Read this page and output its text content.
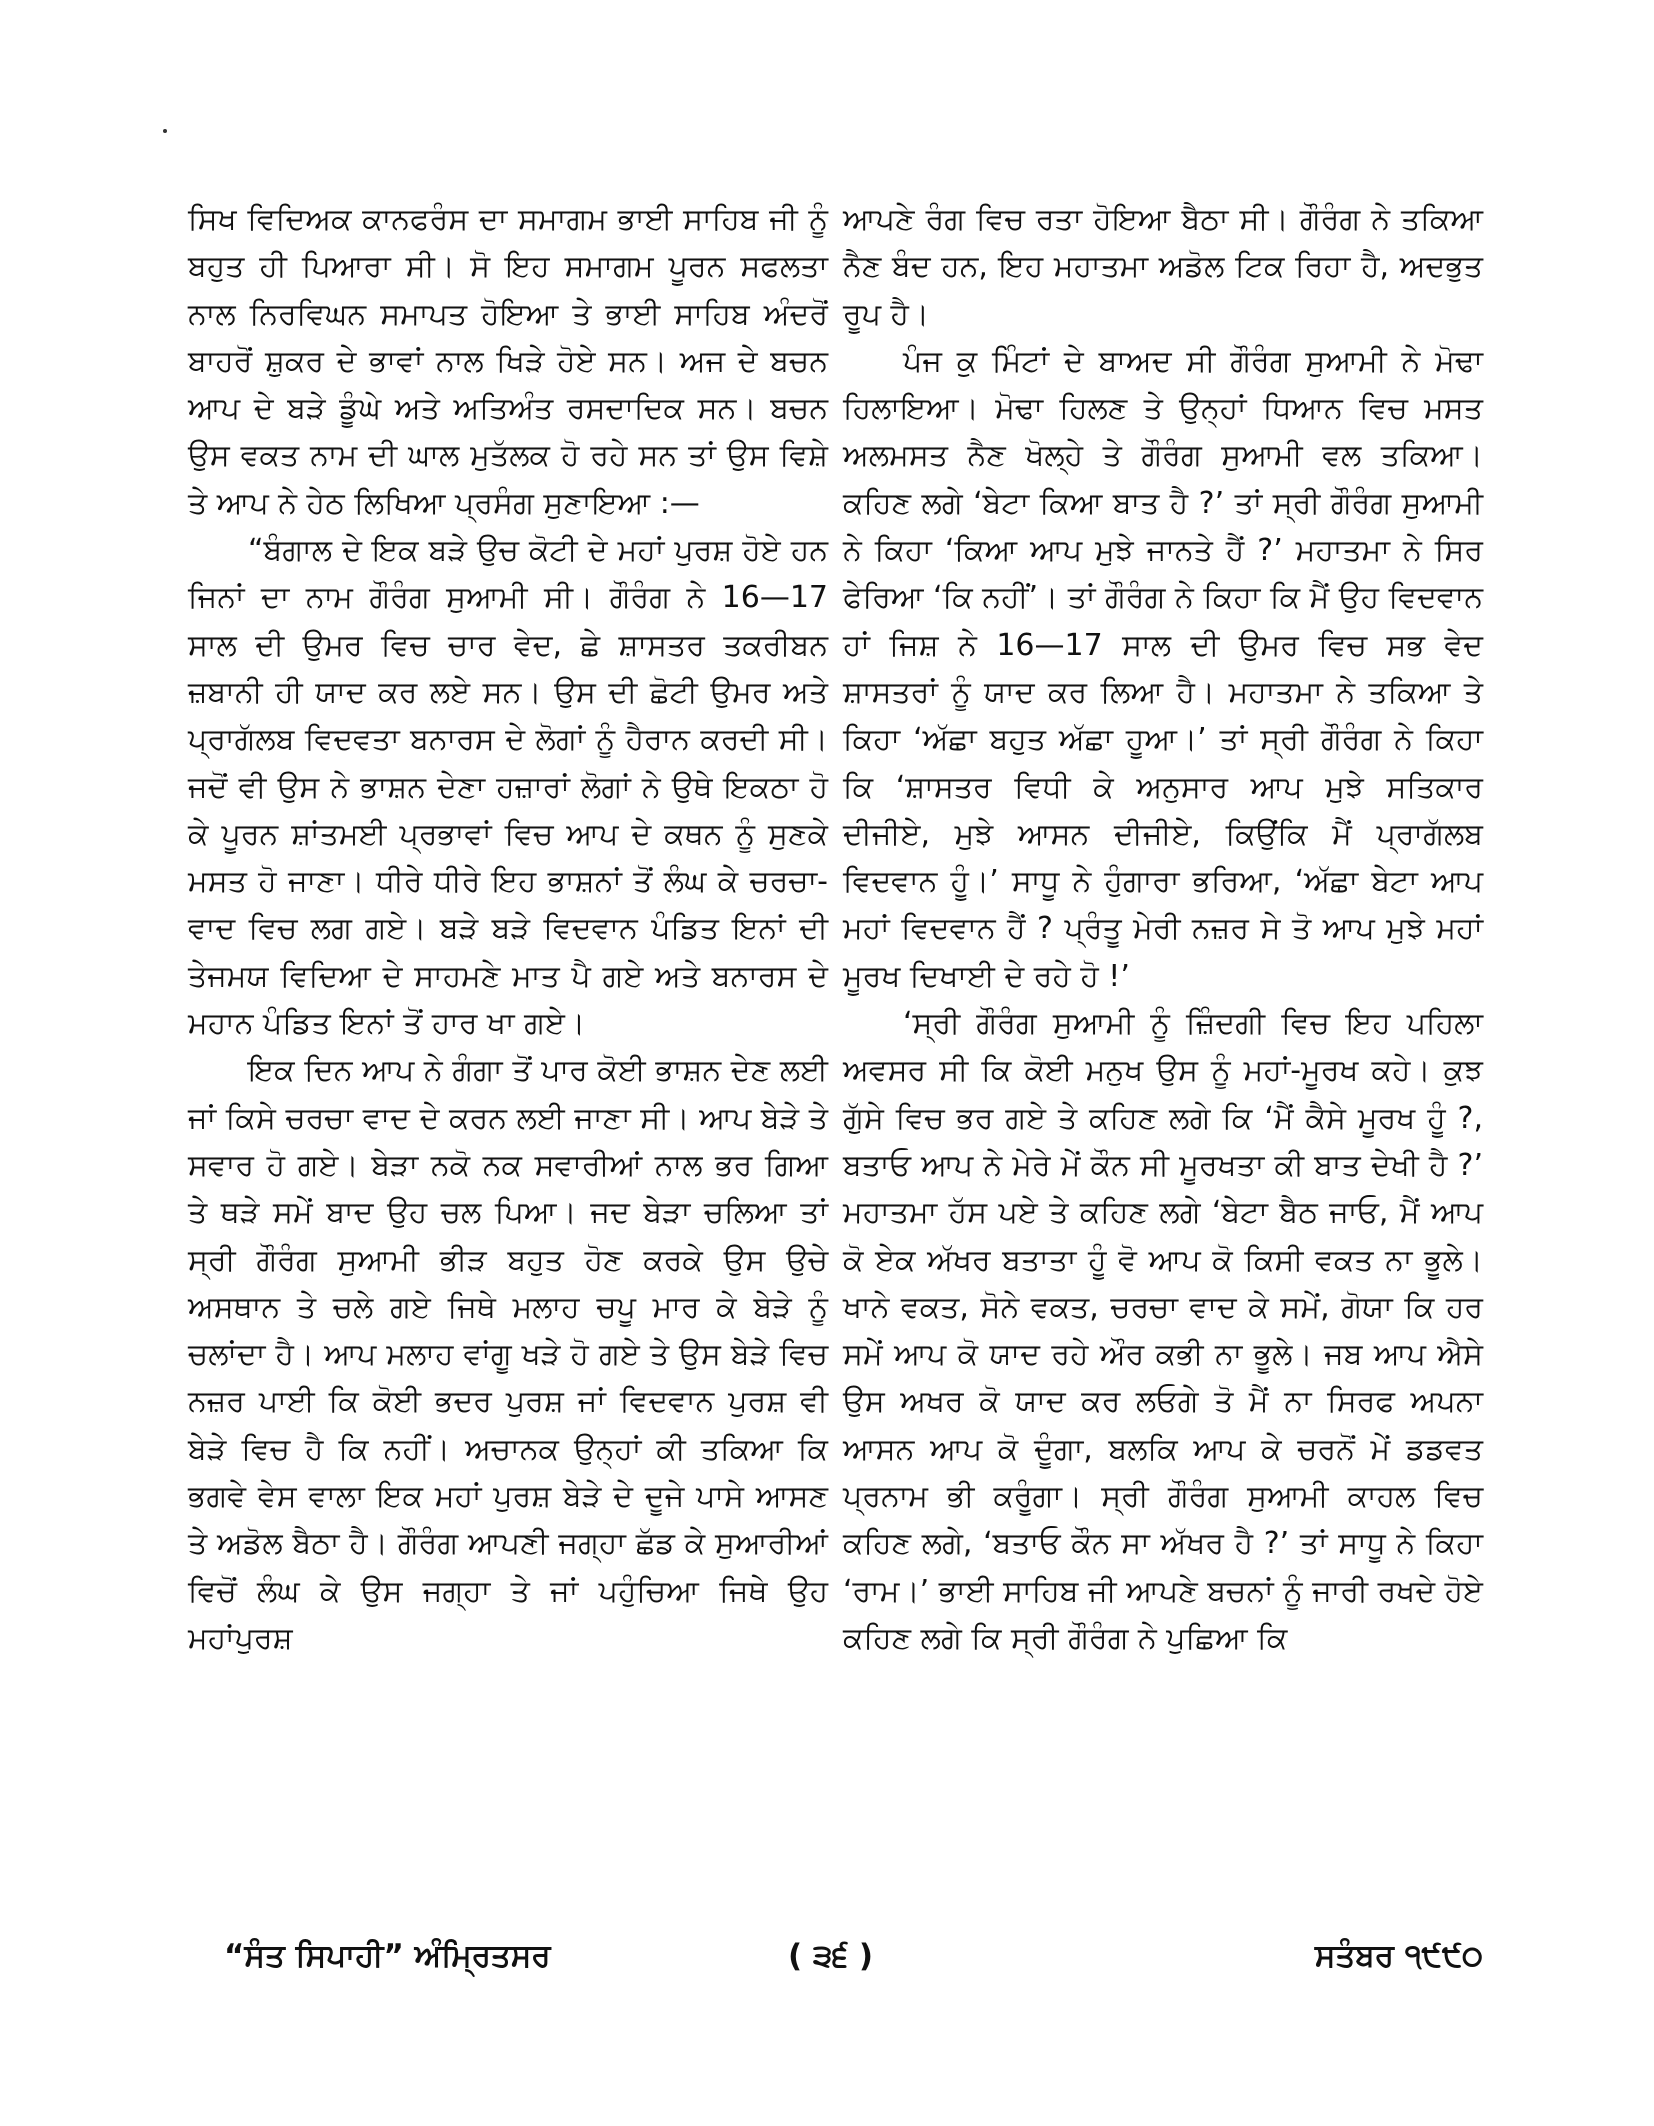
ਸਿਖ ਵਿਦਿਅਕ ਕਾਨਫਰੰਸ ਦਾ ਸਮਾਗਮ ਭਾਈ ਸਾਹਿਬ ਜੀ ਨੂੰ ਬਹੁਤ ਹੀ ਪਿਆਰਾ ਸੀ। ਸੋ ਇਹ ਸਮਾਗਮ ਪੂਰਨ ਸਫਲਤਾ ਨਾਲ ਨਿਰਵਿਘਨ ਸਮਾਪਤ ਹੋਇਆ ਤੇ ਭਾਈ ਸਾਹਿਬ ਅੰਦਰੋਂ ਬਾਹਰੋਂ ਸ਼ੁਕਰ ਦੇ ਭਾਵਾਂ ਨਾਲ ਖਿੜੇ ਹੋਏ ਸਨ। ਅਜ ਦੇ ਬਚਨ ਆਪ ਦੇ ਬੜੇ ਡੂੰਘੇ ਅਤੇ ਅਤਿਅੰਤ ਰਸਦਾਦਿਕ ਸਨ। ਬਚਨ ਉਸ ਵਕਤ ਨਾਮ ਦੀ ਘਾਲ ਮੁਤੱਲਕ ਹੋ ਰਹੇ ਸਨ ਤਾਂ ਉਸ ਵਿਸ਼ੇ ਤੇ ਆਪ ਨੇ ਹੇਠ ਲਿਖਿਆ ਪ੍ਰਸੰਗ ਸੁਣਾਇਆ :—

“ਬੰਗਾਲ ਦੇ ਇਕ ਬੜੇ ਉਚ ਕੋਟੀ ਦੇ ਮਹਾਂ ਪੁਰਸ਼ ਹੋਏ ਹਨ ਜਿਨਾਂ ਦਾ ਨਾਮ ਗੌਰੰਗ ਸੁਆਮੀ ਸੀ। ਗੌਰੰਗ ਨੇ 16—17 ਸਾਲ ਦੀ ਉਮਰ ਵਿਚ ਚਾਰ ਵੇਦ, ਛੇ ਸ਼ਾਸਤਰ ਤਕਰੀਬਨ ਜ਼ਬਾਨੀ ਹੀ ਯਾਦ ਕਰ ਲਏ ਸਨ। ਉਸ ਦੀ ਛੋਟੀ ਉਮਰ ਅਤੇ ਪ੍ਰਾਗੱਲਬ ਵਿਦਵਤਾ ਬਨਾਰਸ ਦੇ ਲੋਗਾਂ ਨੂੰ ਹੈਰਾਨ ਕਰਦੀ ਸੀ। ਜਦੋਂ ਵੀ ਉਸ ਨੇ ਭਾਸ਼ਨ ਦੇਣਾ ਹਜ਼ਾਰਾਂ ਲੋਗਾਂ ਨੇ ਉਥੇ ਇਕਠਾ ਹੋ ਕੇ ਪੂਰਨ ਸ਼ਾਂਤਮਈ ਪ੍ਰਭਾਵਾਂ ਵਿਚ ਆਪ ਦੇ ਕਥਨ ਨੂੰ ਸੁਣਕੇ ਮਸਤ ਹੋ ਜਾਣਾ। ਧੀਰੇ ਧੀਰੇ ਇਹ ਭਾਸ਼ਨਾਂ ਤੋਂ ਲੰਘ ਕੇ ਚਰਚਾ-ਵਾਦ ਵਿਚ ਲਗ ਗਏ। ਬੜੇ ਬੜੇ ਵਿਦਵਾਨ ਪੰਡਿਤ ਇਨਾਂ ਦੀ ਤੇਜਮਯ ਵਿਦਿਆ ਦੇ ਸਾਹਮਣੇ ਮਾਤ ਪੈ ਗਏ ਅਤੇ ਬਨਾਰਸ ਦੇ ਮਹਾਨ ਪੰਡਿਤ ਇਨਾਂ ਤੋਂ ਹਾਰ ਖਾ ਗਏ।

ਇਕ ਦਿਨ ਆਪ ਨੇ ਗੰਗਾ ਤੋਂ ਪਾਰ ਕੋਈ ਭਾਸ਼ਨ ਦੇਣ ਲਈ ਜਾਂ ਕਿਸੇ ਚਰਚਾ ਵਾਦ ਦੇ ਕਰਨ ਲਈ ਜਾਣਾ ਸੀ। ਆਪ ਬੇੜੇ ਤੇ ਸਵਾਰ ਹੋ ਗਏ। ਬੇੜਾ ਨਕੋ ਨਕ ਸਵਾਰੀਆਂ ਨਾਲ ਭਰ ਗਿਆ ਤੇ ਥੜੇ ਸਮੇਂ ਬਾਦ ਉਹ ਚਲ ਪਿਆ। ਜਦ ਬੇੜਾ ਚਲਿਆ ਤਾਂ ਸ੍ਰੀ ਗੌਰੰਗ ਸੁਆਮੀ ਭੀੜ ਬਹੁਤ ਹੋਣ ਕਰਕੇ ਉਸ ਉਚੇ ਅਸਥਾਨ ਤੇ ਚਲੇ ਗਏ ਜਿਥੇ ਮਲਾਹ ਚਪੂ ਮਾਰ ਕੇ ਬੇੜੇ ਨੂੰ ਚਲਾਂਦਾ ਹੈ। ਆਪ ਮਲਾਹ ਵਾਂਗੂ ਖੜੇ ਹੋ ਗਏ ਤੇ ਉਸ ਬੇੜੇ ਵਿਚ ਨਜ਼ਰ ਪਾਈ ਕਿ ਕੋਈ ਭਦਰ ਪੁਰਸ਼ ਜਾਂ ਵਿਦਵਾਨ ਪੁਰਸ਼ ਵੀ ਬੇੜੇ ਵਿਚ ਹੈ ਕਿ ਨਹੀਂ। ਅਚਾਨਕ ਉਨ੍ਹਾਂ ਕੀ ਤਕਿਆ ਕਿ ਭਗਵੇ ਵੇਸ ਵਾਲਾ ਇਕ ਮਹਾਂ ਪੁਰਸ਼ ਬੇੜੇ ਦੇ ਦੂਜੇ ਪਾਸੇ ਆਸਣ ਤੇ ਅਡੋਲ ਬੈਠਾ ਹੈ। ਗੌਰੰਗ ਆਪਣੀ ਜਗ੍ਹਾ ਛੱਡ ਕੇ ਸੁਆਰੀਆਂ ਵਿਚੋਂ ਲੰਘ ਕੇ ਉਸ ਜਗ੍ਹਾ ਤੇ ਜਾਂ ਪਹੁੰਚਿਆ ਜਿਥੇ ਉਹ ਮਹਾਂਪੁਰਸ਼

ਆਪਣੇ ਰੰਗ ਵਿਚ ਰਤਾ ਹੋਇਆ ਬੈਠਾ ਸੀ। ਗੌਰੰਗ ਨੇ ਤਕਿਆ ਨੈਣ ਬੰਦ ਹਨ, ਇਹ ਮਹਾਤਮਾ ਅਡੋਲ ਟਿਕ ਰਿਹਾ ਹੈ, ਅਦਭੁਤ ਰੂਪ ਹੈ।

ਪੰਜ ਕੁ ਮਿੰਟਾਂ ਦੇ ਬਾਅਦ ਸੀ ਗੌਰੰਗ ਸੁਆਮੀ ਨੇ ਮੋਢਾ ਹਿਲਾਇਆ। ਮੋਢਾ ਹਿਲਣ ਤੇ ਉਨ੍ਹਾਂ ਧਿਆਨ ਵਿਚ ਮਸਤ ਅਲਮਸਤ ਨੈਣ ਖੋਲ੍ਹੇ ਤੇ ਗੌਰੰਗ ਸੁਆਮੀ ਵਲ ਤਕਿਆ। ਕਹਿਣ ਲਗੇ ‘ਬੇਟਾ ਕਿਆ ਬਾਤ ਹੈ ?’ ਤਾਂ ਸ੍ਰੀ ਗੌਰੰਗ ਸੁਆਮੀ ਨੇ ਕਿਹਾ ‘ਕਿਆ ਆਪ ਮੁਝੇ ਜਾਨਤੇ ਹੈਂ ?’ ਮਹਾਤਮਾ ਨੇ ਸਿਰ ਫੇਰਿਆ ‘ਕਿ ਨਹੀਂ’। ਤਾਂ ਗੌਰੰਗ ਨੇ ਕਿਹਾ ਕਿ ਮੈਂ ਉਹ ਵਿਦਵਾਨ ਹਾਂ ਜਿਸ਼ ਨੇ 16—17 ਸਾਲ ਦੀ ਉਮਰ ਵਿਚ ਸਭ ਵੇਦ ਸ਼ਾਸਤਰਾਂ ਨੂੰ ਯਾਦ ਕਰ ਲਿਆ ਹੈ। ਮਹਾਤਮਾ ਨੇ ਤਕਿਆ ਤੇ ਕਿਹਾ ‘ਅੱਛਾ ਬਹੁਤ ਅੱਛਾ ਹੂਆ।’ ਤਾਂ ਸ੍ਰੀ ਗੌਰੰਗ ਨੇ ਕਿਹਾ ਕਿ ‘ਸ਼ਾਸਤਰ ਵਿਧੀ ਕੇ ਅਨੁਸਾਰ ਆਪ ਮੁਝੇ ਸਤਿਕਾਰ ਦੀਜੀਏ, ਮੁਝੇ ਆਸਨ ਦੀਜੀਏ, ਕਿਉਂਕਿ ਮੈਂ ਪ੍ਰਾਗੱਲਬ ਵਿਦਵਾਨ ਹੂੰ।’ ਸਾਧੂ ਨੇ ਹੁੰਗਾਰਾ ਭਰਿਆ, ‘ਅੱਛਾ ਬੇਟਾ ਆਪ ਮਹਾਂ ਵਿਦਵਾਨ ਹੈਂ ? ਪ੍ਰੰਤੂ ਮੇਰੀ ਨਜ਼ਰ ਸੇ ਤੋ ਆਪ ਮੁਝੇ ਮਹਾਂ ਮੂਰਖ ਦਿਖਾਈ ਦੇ ਰਹੇ ਹੋ !’

‘ਸ੍ਰੀ ਗੌਰੰਗ ਸੁਆਮੀ ਨੂੰ ਜ਼ਿੰਦਗੀ ਵਿਚ ਇਹ ਪਹਿਲਾ ਅਵਸਰ ਸੀ ਕਿ ਕੋਈ ਮਨੁਖ ਉਸ ਨੂੰ ਮਹਾਂ-ਮੂਰਖ ਕਹੇ। ਕੁਝ ਗੁੱਸੇ ਵਿਚ ਭਰ ਗਏ ਤੇ ਕਹਿਣ ਲਗੇ ਕਿ ‘ਮੈਂ ਕੈਸੇ ਮੂਰਖ ਹੂੰ ?, ਬਤਾਓ ਆਪ ਨੇ ਮੇਰੇ ਮੇਂ ਕੌਨ ਸੀ ਮੂਰਖਤਾ ਕੀ ਬਾਤ ਦੇਖੀ ਹੈ ?’ ਮਹਾਤਮਾ ਹੱਸ ਪਏ ਤੇ ਕਹਿਣ ਲਗੇ ‘ਬੇਟਾ ਬੈਠ ਜਾਓ, ਮੈਂ ਆਪ ਕੋ ਏਕ ਅੱਖਰ ਬਤਾਤਾ ਹੂੰ ਵੋ ਆਪ ਕੋ ਕਿਸੀ ਵਕਤ ਨਾ ਭੂਲੇ। ਖਾਨੇ ਵਕਤ, ਸੋਨੇ ਵਕਤ, ਚਰਚਾ ਵਾਦ ਕੇ ਸਮੇਂ, ਗੋਯਾ ਕਿ ਹਰ ਸਮੇਂ ਆਪ ਕੋ ਯਾਦ ਰਹੇ ਔਰ ਕਭੀ ਨਾ ਭੂਲੇ। ਜਬ ਆਪ ਐਸੇ ਉਸ ਅਖਰ ਕੋ ਯਾਦ ਕਰ ਲਓਗੇ ਤੋ ਮੈਂ ਨਾ ਸਿਰਫ ਅਪਨਾ ਆਸਨ ਆਪ ਕੋ ਦੂੰਗਾ, ਬਲਕਿ ਆਪ ਕੇ ਚਰਨੋਂ ਮੇਂ ਡਡਵਤ ਪ੍ਰਨਾਮ ਭੀ ਕਰੂੰਗਾ। ਸ੍ਰੀ ਗੌਰੰਗ ਸੁਆਮੀ ਕਾਹਲ ਵਿਚ ਕਹਿਣ ਲਗੇ, ‘ਬਤਾਓ ਕੌਨ ਸਾ ਅੱਖਰ ਹੈ ?’ ਤਾਂ ਸਾਧੂ ਨੇ ਕਿਹਾ ‘ਰਾਮ।’ ਭਾਈ ਸਾਹਿਬ ਜੀ ਆਪਣੇ ਬਚਨਾਂ ਨੂੰ ਜਾਰੀ ਰਖਦੇ ਹੋਏ ਕਹਿਣ ਲਗੇ ਕਿ ਸ੍ਰੀ ਗੌਰੰਗ ਨੇ ਪੁਛਿਆ ਕਿ

“ਸੰਤ ਸਿਪਾਹੀ” ਅੰਮ੍ਰਿਤਸਰ	( ੩੬ )	ਸਤੰਬਰ ੧੯੯੦
